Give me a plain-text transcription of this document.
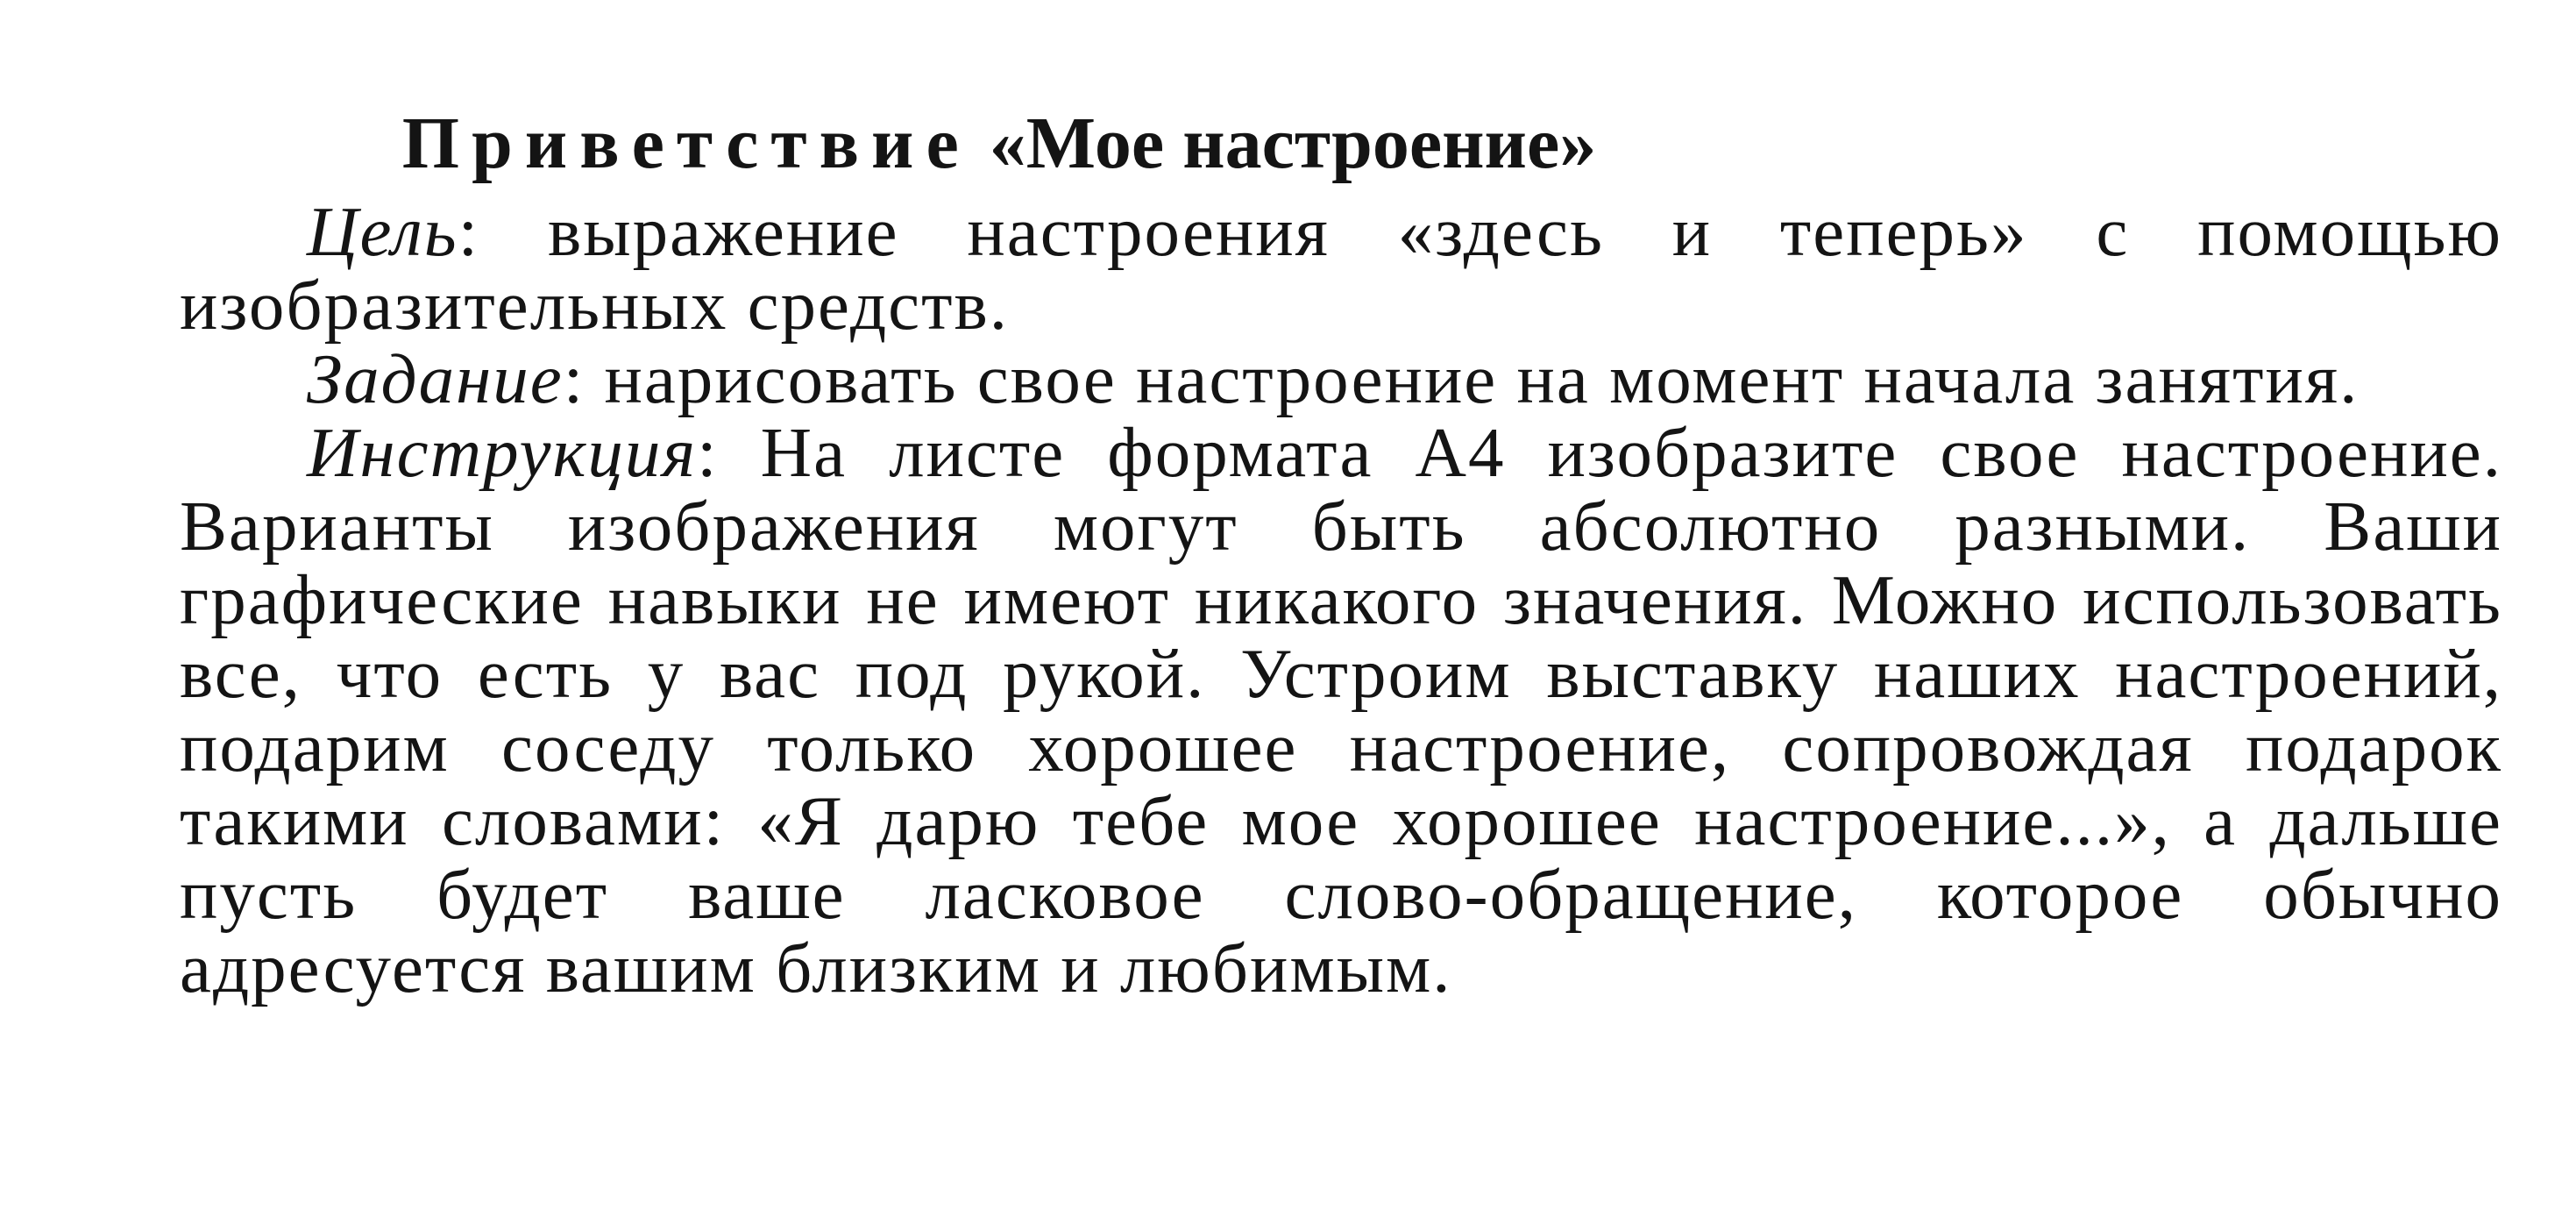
Приветствие «Мое настроение»

Цель: выражение настроения «здесь и теперь» с помощью изобразительных средств.

Задание: нарисовать свое настроение на момент начала занятия.

Инструкция: На листе формата А4 изобразите свое настроение. Варианты изображения могут быть абсолютно разными. Ваши графические навыки не имеют никакого значения. Можно использовать все, что есть у вас под рукой. Устроим выставку наших настроений, подарим соседу только хорошее настроение, сопровождая подарок такими словами: «Я дарю тебе мое хорошее настроение...», а дальше пусть будет ваше ласковое слово-обращение, которое обычно адресуется вашим близким и любимым.
